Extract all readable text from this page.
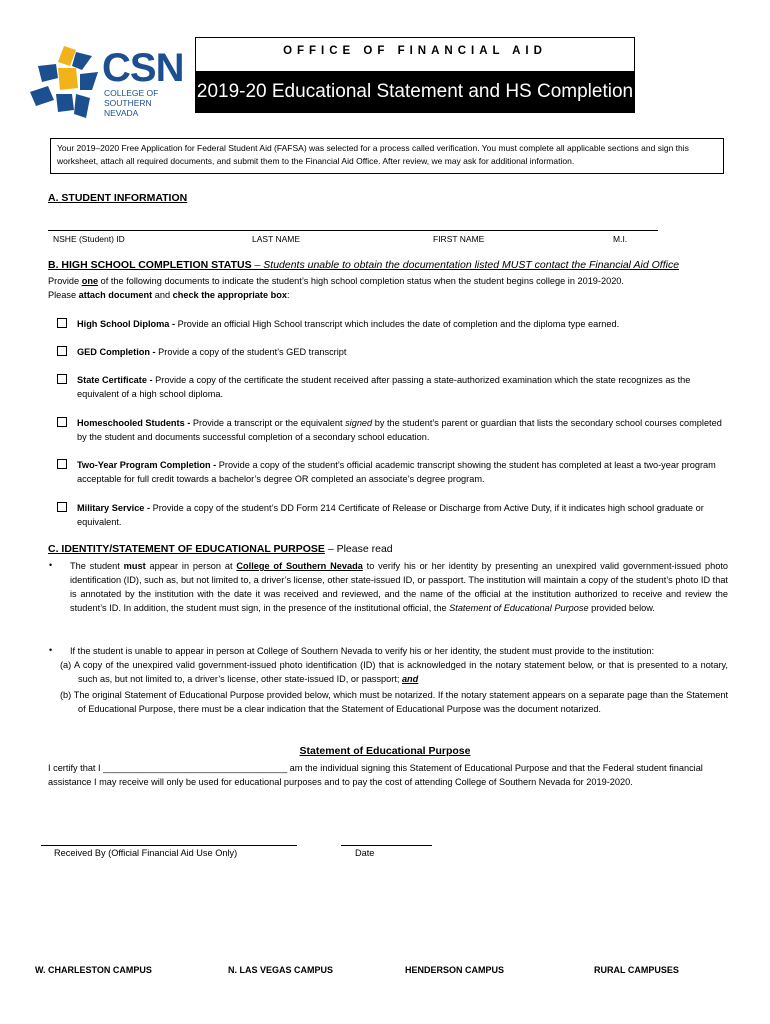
CSN
COLLEGE OF SOUTHERN NEVADA
OFFICE OF FINANCIAL AID
2019-20 Educational Statement and HS Completion
Your 2019–2020 Free Application for Federal Student Aid (FAFSA) was selected for a process called verification. You must complete all applicable sections and sign this worksheet, attach all required documents, and submit them to the Financial Aid Office. After review, we may ask for additional information.
A. STUDENT INFORMATION
NSHE (Student) ID	LAST NAME	FIRST NAME	M.I.
B. HIGH SCHOOL COMPLETION STATUS – Students unable to obtain the documentation listed MUST contact the Financial Aid Office
Provide one of the following documents to indicate the student’s high school completion status when the student begins college in 2019-2020.
Please attach document and check the appropriate box:
High School Diploma - Provide an official High School transcript which includes the date of completion and the diploma type earned.
GED Completion - Provide a copy of the student’s GED transcript
State Certificate - Provide a copy of the certificate the student received after passing a state-authorized examination which the state recognizes as the equivalent of a high school diploma.
Homeschooled Students - Provide a transcript or the equivalent signed by the student’s parent or guardian that lists the secondary school courses completed by the student and documents successful completion of a secondary school education.
Two-Year Program Completion - Provide a copy of the student’s official academic transcript showing the student has completed at least a two-year program acceptable for full credit towards a bachelor’s degree OR completed an associate’s degree program.
Military Service - Provide a copy of the student’s DD Form 214 Certificate of Release or Discharge from Active Duty, if it indicates high school graduate or equivalent.
C. IDENTITY/STATEMENT OF EDUCATIONAL PURPOSE – Please read
• The student must appear in person at College of Southern Nevada to verify his or her identity by presenting an unexpired valid government-issued photo identification (ID), such as, but not limited to, a driver’s license, other state-issued ID, or passport. The institution will maintain a copy of the student’s photo ID that is annotated by the institution with the date it was received and reviewed, and the name of the official at the institution authorized to receive and review the student’s ID. In addition, the student must sign, in the presence of the institutional official, the Statement of Educational Purpose provided below.
• If the student is unable to appear in person at College of Southern Nevada to verify his or her identity, the student must provide to the institution:
(a) A copy of the unexpired valid government-issued photo identification (ID) that is acknowledged in the notary statement below, or that is presented to a notary, such as, but not limited to, a driver’s license, other state-issued ID, or passport; and
(b) The original Statement of Educational Purpose provided below, which must be notarized. If the notary statement appears on a separate page than the Statement of Educational Purpose, there must be a clear indication that the Statement of Educational Purpose was the document notarized.
Statement of Educational Purpose
I certify that I ____________________________________ am the individual signing this Statement of Educational Purpose and that the Federal student financial assistance I may receive will only be used for educational purposes and to pay the cost of attending College of Southern Nevada for 2019-2020.
Received By (Official Financial Aid Use Only)	Date
W. CHARLESTON CAMPUS	N. LAS VEGAS CAMPUS	HENDERSON CAMPUS	RURAL CAMPUSES
